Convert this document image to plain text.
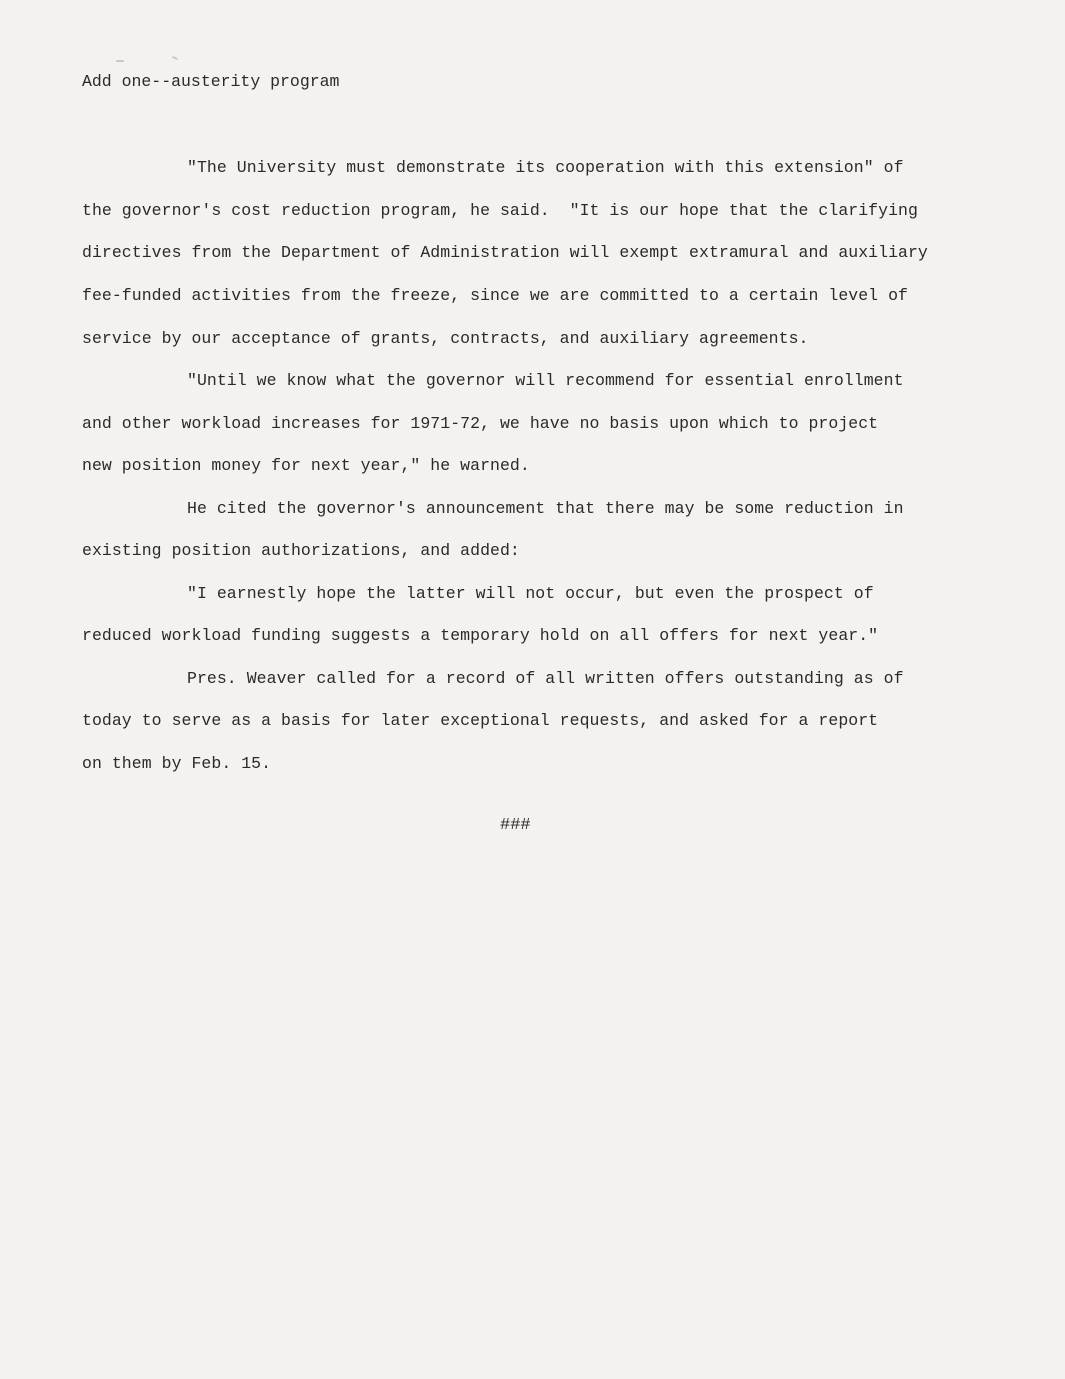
Add one--austerity program
"The University must demonstrate its cooperation with this extension" of
the governor's cost reduction program, he said.  "It is our hope that the clarifying
directives from the Department of Administration will exempt extramural and auxiliary
fee-funded activities from the freeze, since we are committed to a certain level of
service by our acceptance of grants, contracts, and auxiliary agreements.
"Until we know what the governor will recommend for essential enrollment
and other workload increases for 1971-72, we have no basis upon which to project
new position money for next year," he warned.
He cited the governor's announcement that there may be some reduction in
existing position authorizations, and added:
"I earnestly hope the latter will not occur, but even the prospect of
reduced workload funding suggests a temporary hold on all offers for next year."
Pres. Weaver called for a record of all written offers outstanding as of
today to serve as a basis for later exceptional requests, and asked for a report
on them by Feb. 15.
###
